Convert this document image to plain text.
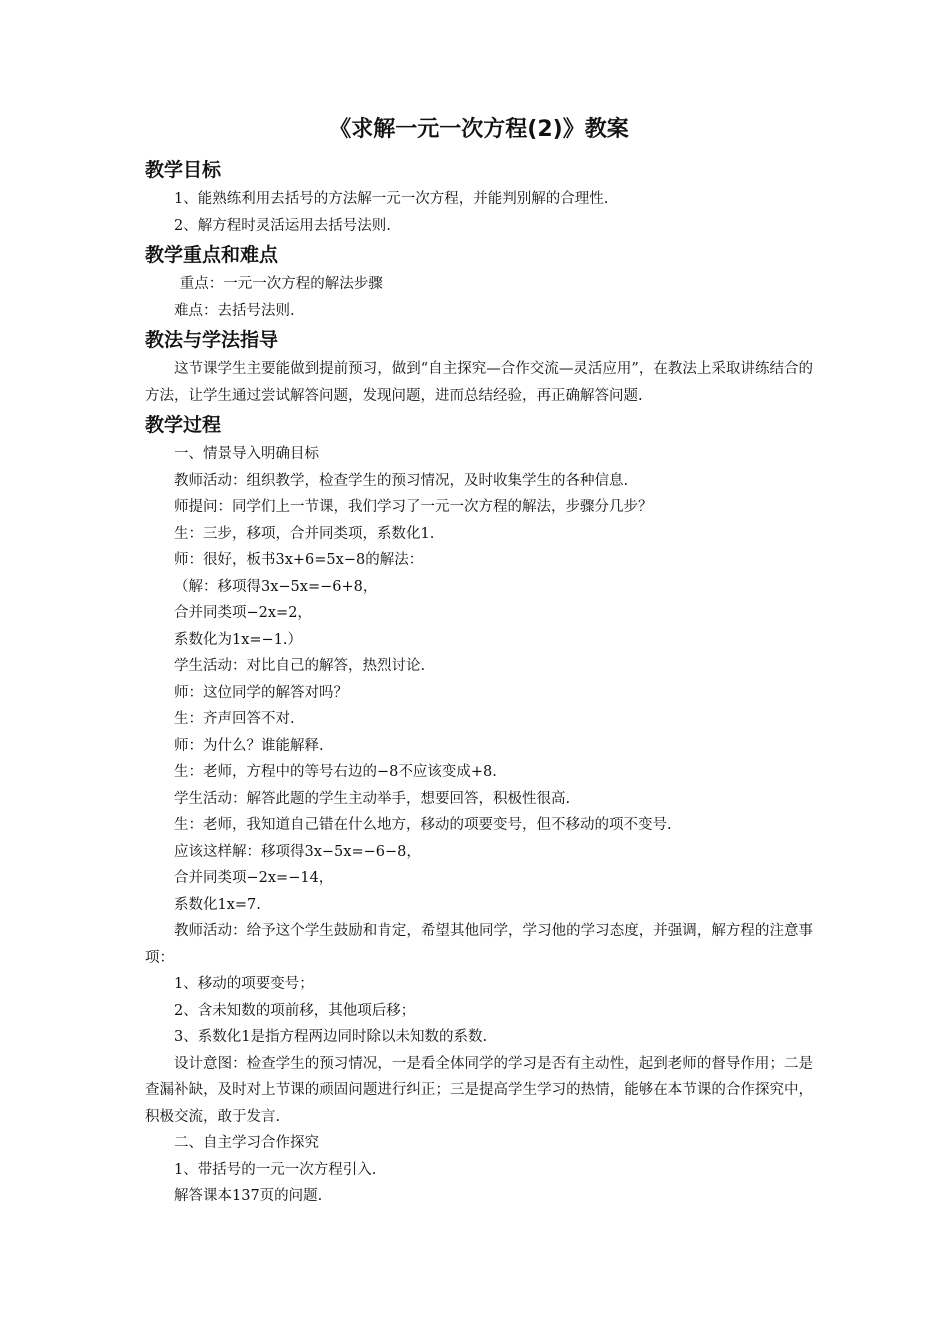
《求解一元一次方程(2)》教案
教学目标

1、能熟练利用去括号的方法解一元一次方程，并能判别解的合理性.

2、解方程时灵活运用去括号法则.

教学重点和难点

重点：一元一次方程的解法步骤

难点：去括号法则.

教法与学法指导

这节课学生主要能做到提前预习，做到“自主探究—合作交流—灵活应用”，在教法上采取讲练结合的方法，让学生通过尝试解答问题，发现问题，进而总结经验，再正确解答问题.

教学过程

一、情景导入明确目标

教师活动：组织教学，检查学生的预习情况，及时收集学生的各种信息.

师提问：同学们上一节课，我们学习了一元一次方程的解法，步骤分几步？

生：三步，移项，合并同类项，系数化1.

师：很好，板书3x+6=5x−8的解法：

（解：移项得3x−5x=−6+8，

合并同类项−2x=2，

系数化为1x=−1.）

学生活动：对比自己的解答，热烈讨论.

师：这位同学的解答对吗？

生：齐声回答不对.

师：为什么？谁能解释.

生：老师，方程中的等号右边的−8不应该变成+8.

学生活动：解答此题的学生主动举手，想要回答，积极性很高.

生：老师，我知道自己错在什么地方，移动的项要变号，但不移动的项不变号.

应该这样解：移项得3x−5x=−6−8，

合并同类项−2x=−14，

系数化1x=7.

教师活动：给予这个学生鼓励和肯定，希望其他同学，学习他的学习态度，并强调，解方程的注意事项：

1、移动的项要变号；

2、含未知数的项前移，其他项后移；

3、系数化1是指方程两边同时除以未知数的系数.

设计意图：检查学生的预习情况，一是看全体同学的学习是否有主动性，起到老师的督导作用；二是查漏补缺，及时对上节课的顽固问题进行纠正；三是提高学生学习的热情，能够在本节课的合作探究中，积极交流，敢于发言.

二、自主学习合作探究

1、带括号的一元一次方程引入.

解答课本137页的问题.
